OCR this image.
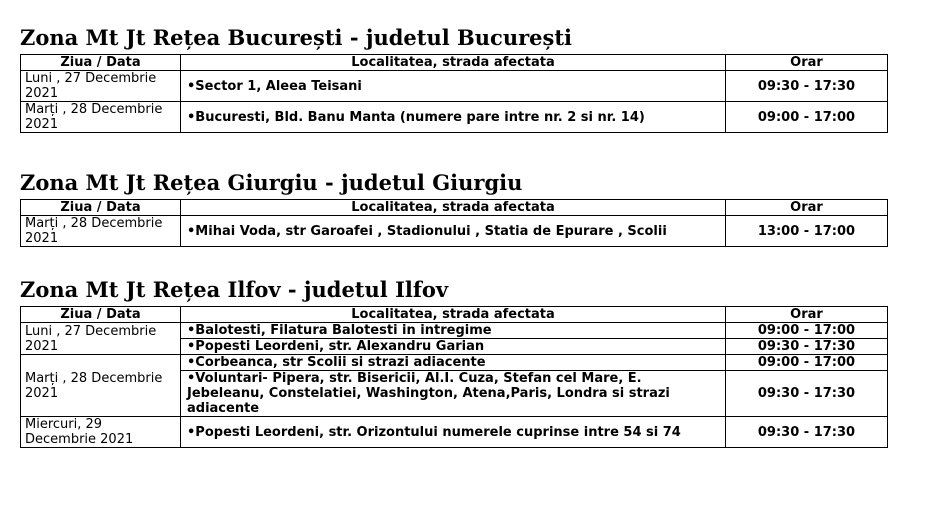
Zona Mt Jt Rețea București - judetul București
Ziua / Data	Localitatea, strada afectata	Orar
Luni , 27 Decembrie 2021	•Sector 1, Aleea Teisani	09:30 - 17:30
Marți , 28 Decembrie 2021	•Bucuresti, Bld. Banu Manta (numere pare intre nr. 2 si nr. 14)	09:00 - 17:00
Zona Mt Jt Rețea Giurgiu - judetul Giurgiu
Ziua / Data	Localitatea, strada afectata	Orar
Marți , 28 Decembrie 2021	•Mihai Voda, str Garoafei , Stadionului , Statia de Epurare , Scolii	13:00 - 17:00
Zona Mt Jt Rețea Ilfov - judetul Ilfov
Ziua / Data	Localitatea, strada afectata	Orar
Luni , 27 Decembrie 2021	•Balotesti, Filatura Balotesti in intregime	09:00 - 17:00
	•Popesti Leordeni, str. Alexandru Garian	09:30 - 17:30
Marți , 28 Decembrie 2021	•Corbeanca, str Scolii si strazi adiacente	09:00 - 17:00
	•Voluntari- Pipera, str. Bisericii, Al.I. Cuza, Stefan cel Mare, E. Jebeleanu, Constelatiei, Washington, Atena,Paris, Londra si strazi adiacente	09:30 - 17:30
Miercuri, 29 Decembrie 2021	•Popesti Leordeni, str. Orizontului numerele cuprinse intre 54 si 74	09:30 - 17:30
